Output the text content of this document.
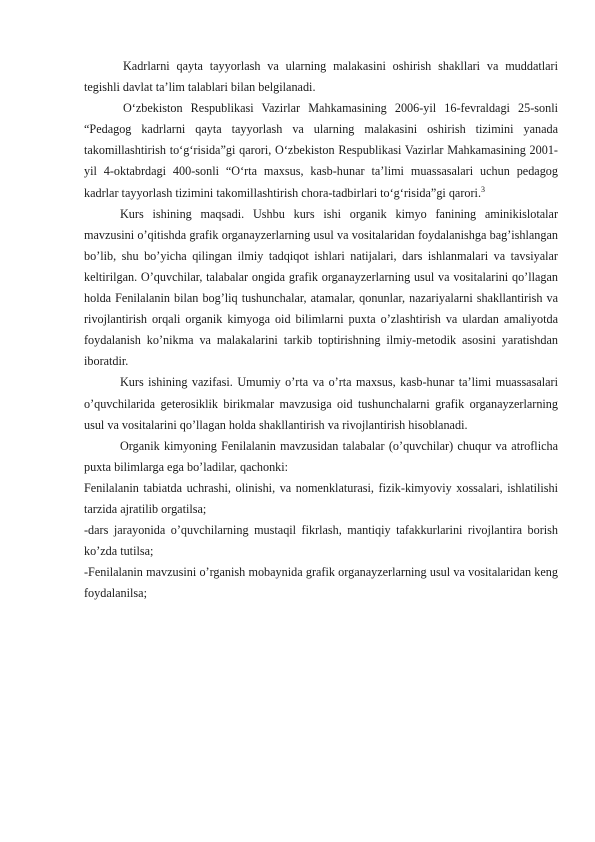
Kadrlarni qayta tayyorlash va ularning malakasini oshirish shakllari va muddatlari tegishli davlat ta’lim talablari bilan belgilanadi.

O‘zbekiston Respublikasi Vazirlar Mahkamasining 2006-yil 16-fevraldagi 25-sonli “Pedagog kadrlarni qayta tayyorlash va ularning malakasini oshirish tizimini yanada takomillashtirish to‘g‘risida”gi qarori, O‘zbekiston Respublikasi Vazirlar Mahkamasining 2001-yil 4-oktabrdagi 400-sonli “O‘rta maxsus, kasb-hunar ta’limi muassasalari uchun pedagog kadrlar tayyorlash tizimini takomillashtirish chora-tadbirlari to‘g‘risida”gi qarori.$^3$

Kurs ishining maqsadi. Ushbu kurs ishi organik kimyo fanining aminikislotalar mavzusini o’qitishda grafik organayzerlarning usul va vositalaridan foydalanishga bag’ishlangan bo’lib, shu bo’yicha qilingan ilmiy tadqiqot ishlari natijalari, dars ishlanmalari va tavsiyalar keltirilgan. O’quvchilar, talabalar ongida grafik organayzerlarning usul va vositalarini qo’llagan holda Fenilalanin bilan bog’liq tushunchalar, atamalar, qonunlar, nazariyalarni shakllantirish va rivojlantirish orqali organik kimyoga oid bilimlarni puxta o’zlashtirish va ulardan amaliyotda foydalanish ko’nikma va malakalarini tarkib toptirishning ilmiy-metodik asosini yaratishdan iboratdir.

Kurs ishining vazifasi. Umumiy o’rta va o’rta maxsus, kasb-hunar ta’limi muassasalari o’quvchilarida geterosiklik birikmalar mavzusiga oid tushunchalarni grafik organayzerlarning usul va vositalarini qo’llagan holda shakllantirish va rivojlantirish hisoblanadi.

Organik kimyoning Fenilalanin mavzusidan talabalar (o’quvchilar) chuqur va atroflicha puxta bilimlarga ega bo’ladilar, qachonki:

Fenilalanin tabiatda uchrashi, olinishi, va nomenklaturasi, fizik-kimyoviy xossalari, ishlatilishi tarzida ajratilib orgatilsa;

-dars jarayonida o’quvchilarning mustaqil fikrlash, mantiqiy tafakkurlarini rivojlantira borish ko’zda tutilsa;

-Fenilalanin mavzusini o’rganish mobaynida grafik organayzerlarning usul va vositalaridan keng foydalanilsa;
